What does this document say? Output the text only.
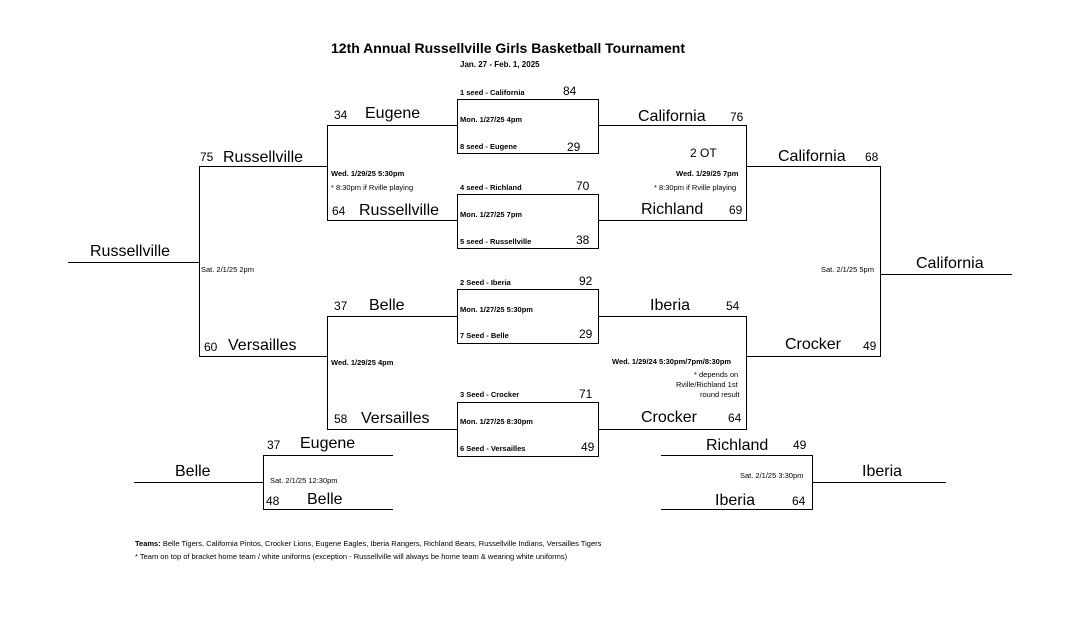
12th Annual Russellville Girls Basketball Tournament
Jan. 27 - Feb. 1, 2025
1 seed - California	84
Mon. 1/27/25 4pm
8 seed - Eugene	29
4 seed - Richland	70
Mon. 1/27/25 7pm
5 seed - Russellville	38
2 Seed - Iberia	92
Mon. 1/27/25 5:30pm
7 Seed - Belle	29
3 Seed - Crocker	71
Mon. 1/27/25 8:30pm
6 Seed - Versailles	49
34 Eugene
Wed. 1/29/25 5:30pm
* 8:30pm if Rville playing
64 Russellville
37 Belle
Wed. 1/29/25 4pm
58 Versailles
California 76
2 OT
Wed. 1/29/25 7pm
* 8:30pm if Rville playing
Richland 69
Iberia	54
Wed. 1/29/24 5:30pm/7pm/8:30pm
* depends on
Rville/Richland 1st
round result
Crocker	64
75 Russellville
Sat. 2/1/25 2pm
60 Versailles
Russellville
California 68
Sat. 2/1/25 5pm
Crocker 49
California
37 Eugene
Sat. 2/1/25 12:30pm
48 Belle
Belle
Richland 49
Sat. 2/1/25 3:30pm
Iberia	64
Iberia
Teams: Belle Tigers, California Pintos, Crocker Lions, Eugene Eagles, Iberia Rangers, Richland Bears, Russellville Indians, Versailles Tigers
* Team on top of bracket home team / white uniforms (exception - Russellville will always be home team & wearing white uniforms)
